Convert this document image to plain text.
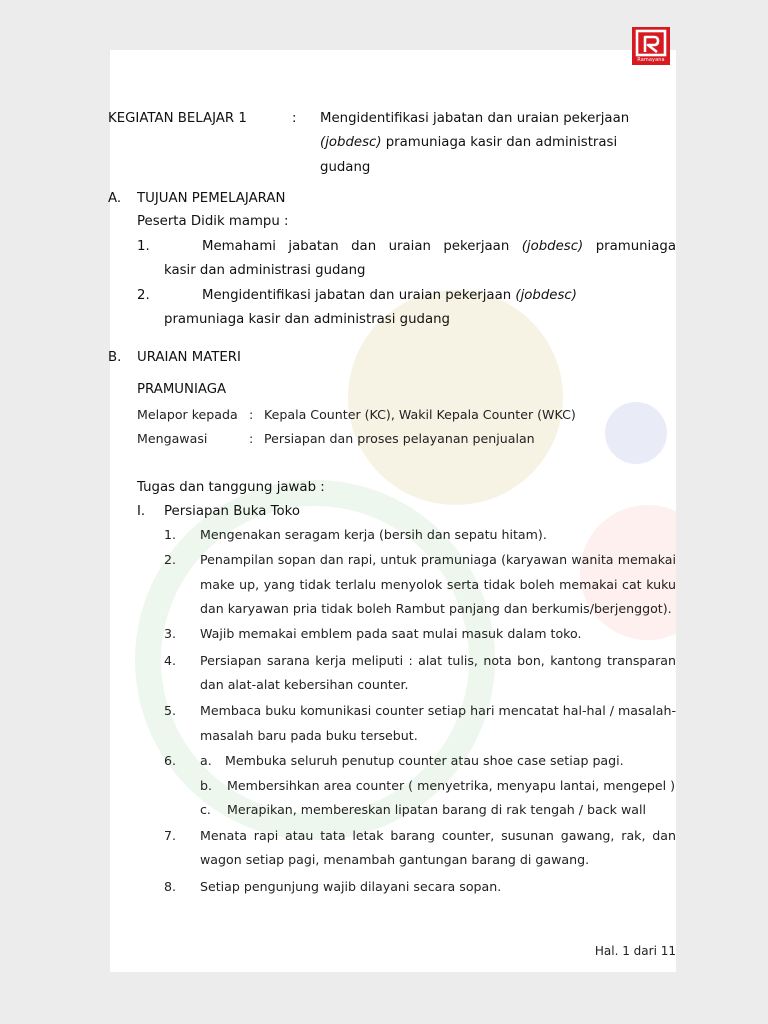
Ramayana
KEGIATAN BELAJAR 1	: Mengidentifikasi jabatan dan uraian pekerjaan
(jobdesc) pramuniaga kasir dan administrasi
gudang
A. TUJUAN PEMELAJARAN
Peserta Didik mampu :
1.	Memahami jabatan dan uraian pekerjaan (jobdesc) pramuniaga
kasir dan administrasi gudang
2.	Mengidentifikasi jabatan dan uraian pekerjaan (jobdesc)
pramuniaga kasir dan administrasi gudang
B. URAIAN MATERI
PRAMUNIAGA
Melapor kepada : Kepala Counter (KC), Wakil Kepala Counter (WKC)
Mengawasi	: Persiapan dan proses pelayanan penjualan
Tugas dan tanggung jawab :
I. Persiapan Buka Toko
1. Mengenakan seragam kerja (bersih dan sepatu hitam).
2. Penampilan sopan dan rapi, untuk pramuniaga (karyawan wanita memakai
make up, yang tidak terlalu menyolok serta tidak boleh memakai cat kuku
dan karyawan pria tidak boleh Rambut panjang dan berkumis/berjenggot).
3. Wajib memakai emblem pada saat mulai masuk dalam toko.
4. Persiapan sarana kerja meliputi : alat tulis, nota bon, kantong transparan
dan alat-alat kebersihan counter.
5. Membaca buku komunikasi counter setiap hari mencatat hal-hal / masalah-
masalah baru pada buku tersebut.
6. a. Membuka seluruh penutup counter atau shoe case setiap pagi.
b. Membersihkan area counter ( menyetrika, menyapu lantai, mengepel )
c. Merapikan, membereskan lipatan barang di rak tengah / back wall
7. Menata rapi atau tata letak barang counter, susunan gawang, rak, dan
wagon setiap pagi, menambah gantungan barang di gawang.
8. Setiap pengunjung wajib dilayani secara sopan.
Hal. 1 dari 11
